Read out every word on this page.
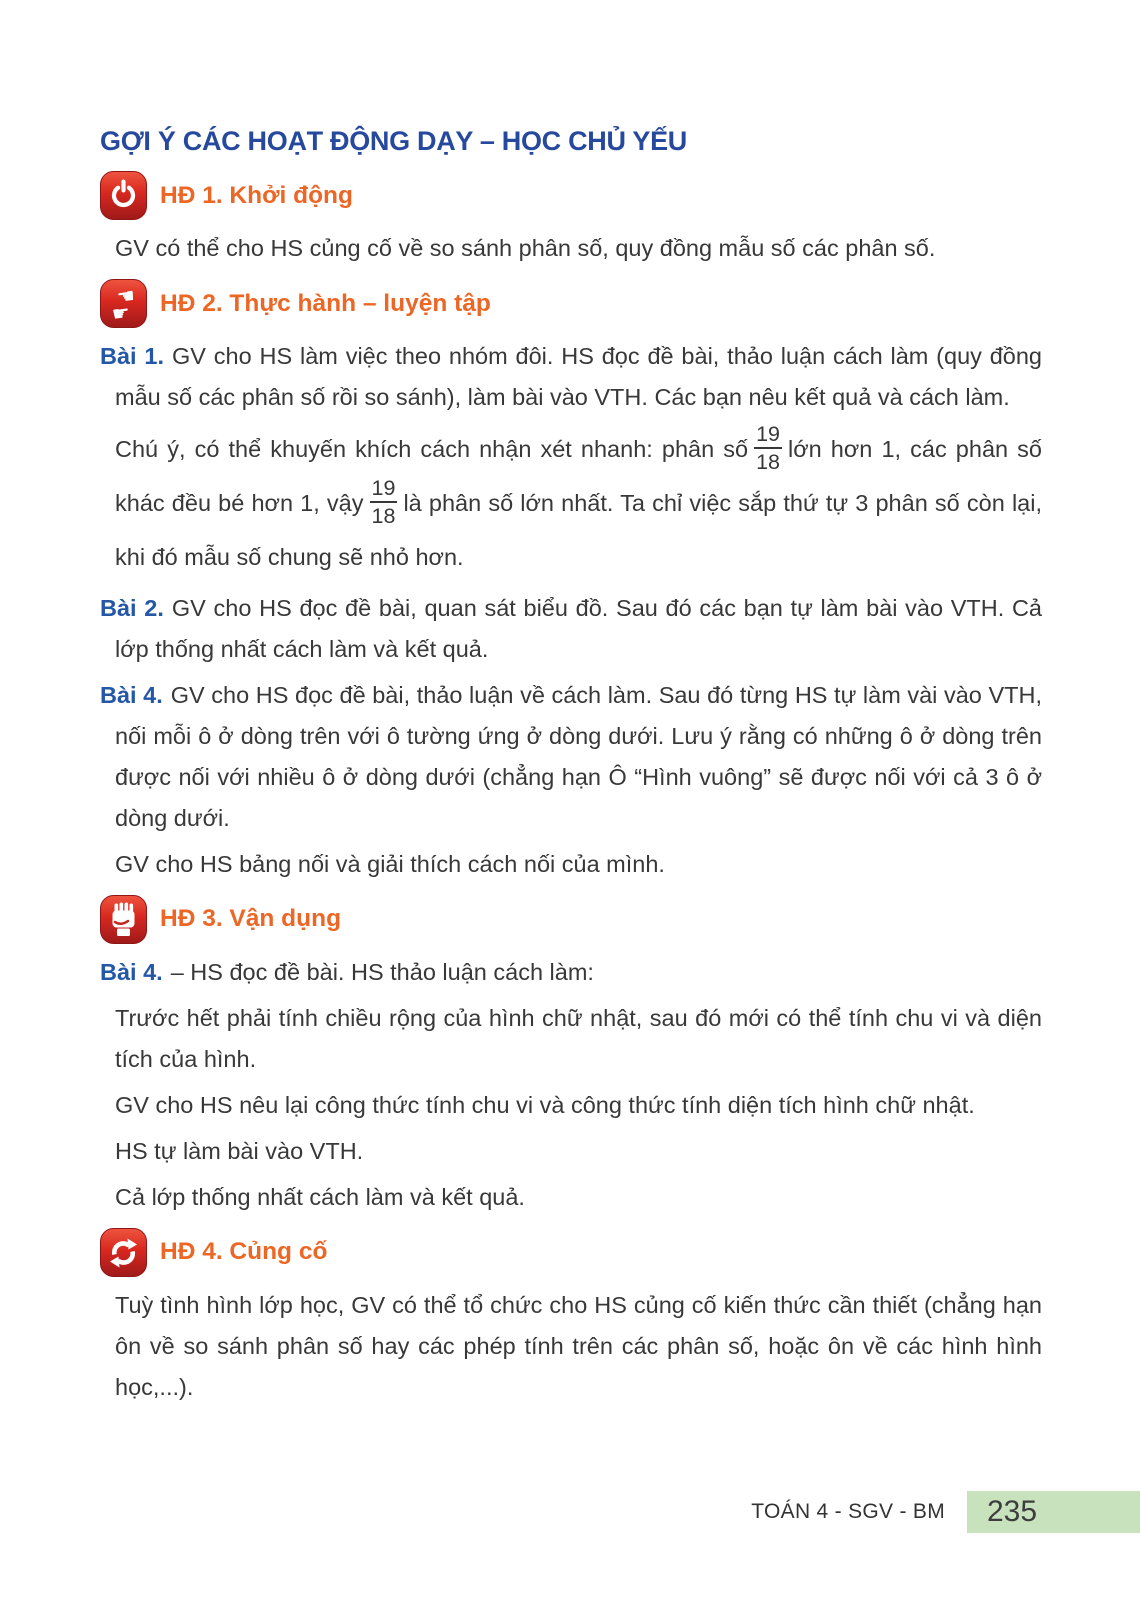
GỢI Ý CÁC HOẠT ĐỘNG DẠY – HỌC CHỦ YẾU
HĐ 1. Khởi động

GV có thể cho HS củng cố về so sánh phân số, quy đồng mẫu số các phân số.

☚
☛ HĐ 2. Thực hành – luyện tập

Bài 1. GV cho HS làm việc theo nhóm đôi. HS đọc đề bài, thảo luận cách làm (quy đồng mẫu số các phân số rồi so sánh), làm bài vào VTH. Các bạn nêu kết quả và cách làm.

Chú ý, có thể khuyến khích cách nhận xét nhanh: phân số $\frac{19}{18}$ lớn hơn 1, các phân số khác đều bé hơn 1, vậy $\frac{19}{18}$ là phân số lớn nhất. Ta chỉ việc sắp thứ tự 3 phân số còn lại, khi đó mẫu số chung sẽ nhỏ hơn.

Bài 2. GV cho HS đọc đề bài, quan sát biểu đồ. Sau đó các bạn tự làm bài vào VTH. Cả lớp thống nhất cách làm và kết quả.

Bài 4. GV cho HS đọc đề bài, thảo luận về cách làm. Sau đó từng HS tự làm vài vào VTH, nối mỗi ô ở dòng trên với ô tường ứng ở dòng dưới. Lưu ý rằng có những ô ở dòng trên được nối với nhiều ô ở dòng dưới (chẳng hạn Ô “Hình vuông” sẽ được nối với cả 3 ô ở dòng dưới.

GV cho HS bảng nối và giải thích cách nối của mình.

HĐ 3. Vận dụng

Bài 4. – HS đọc đề bài. HS thảo luận cách làm:

Trước hết phải tính chiều rộng của hình chữ nhật, sau đó mới có thể tính chu vi và diện tích của hình.

GV cho HS nêu lại công thức tính chu vi và công thức tính diện tích hình chữ nhật.

HS tự làm bài vào VTH.

Cả lớp thống nhất cách làm và kết quả.

HĐ 4. Củng cố

Tuỳ tình hình lớp học, GV có thể tổ chức cho HS củng cố kiến thức cần thiết (chẳng hạn ôn về so sánh phân số hay các phép tính trên các phân số, hoặc ôn về các hình hình học,...).

TOÁN 4 - SGV - BM 235
